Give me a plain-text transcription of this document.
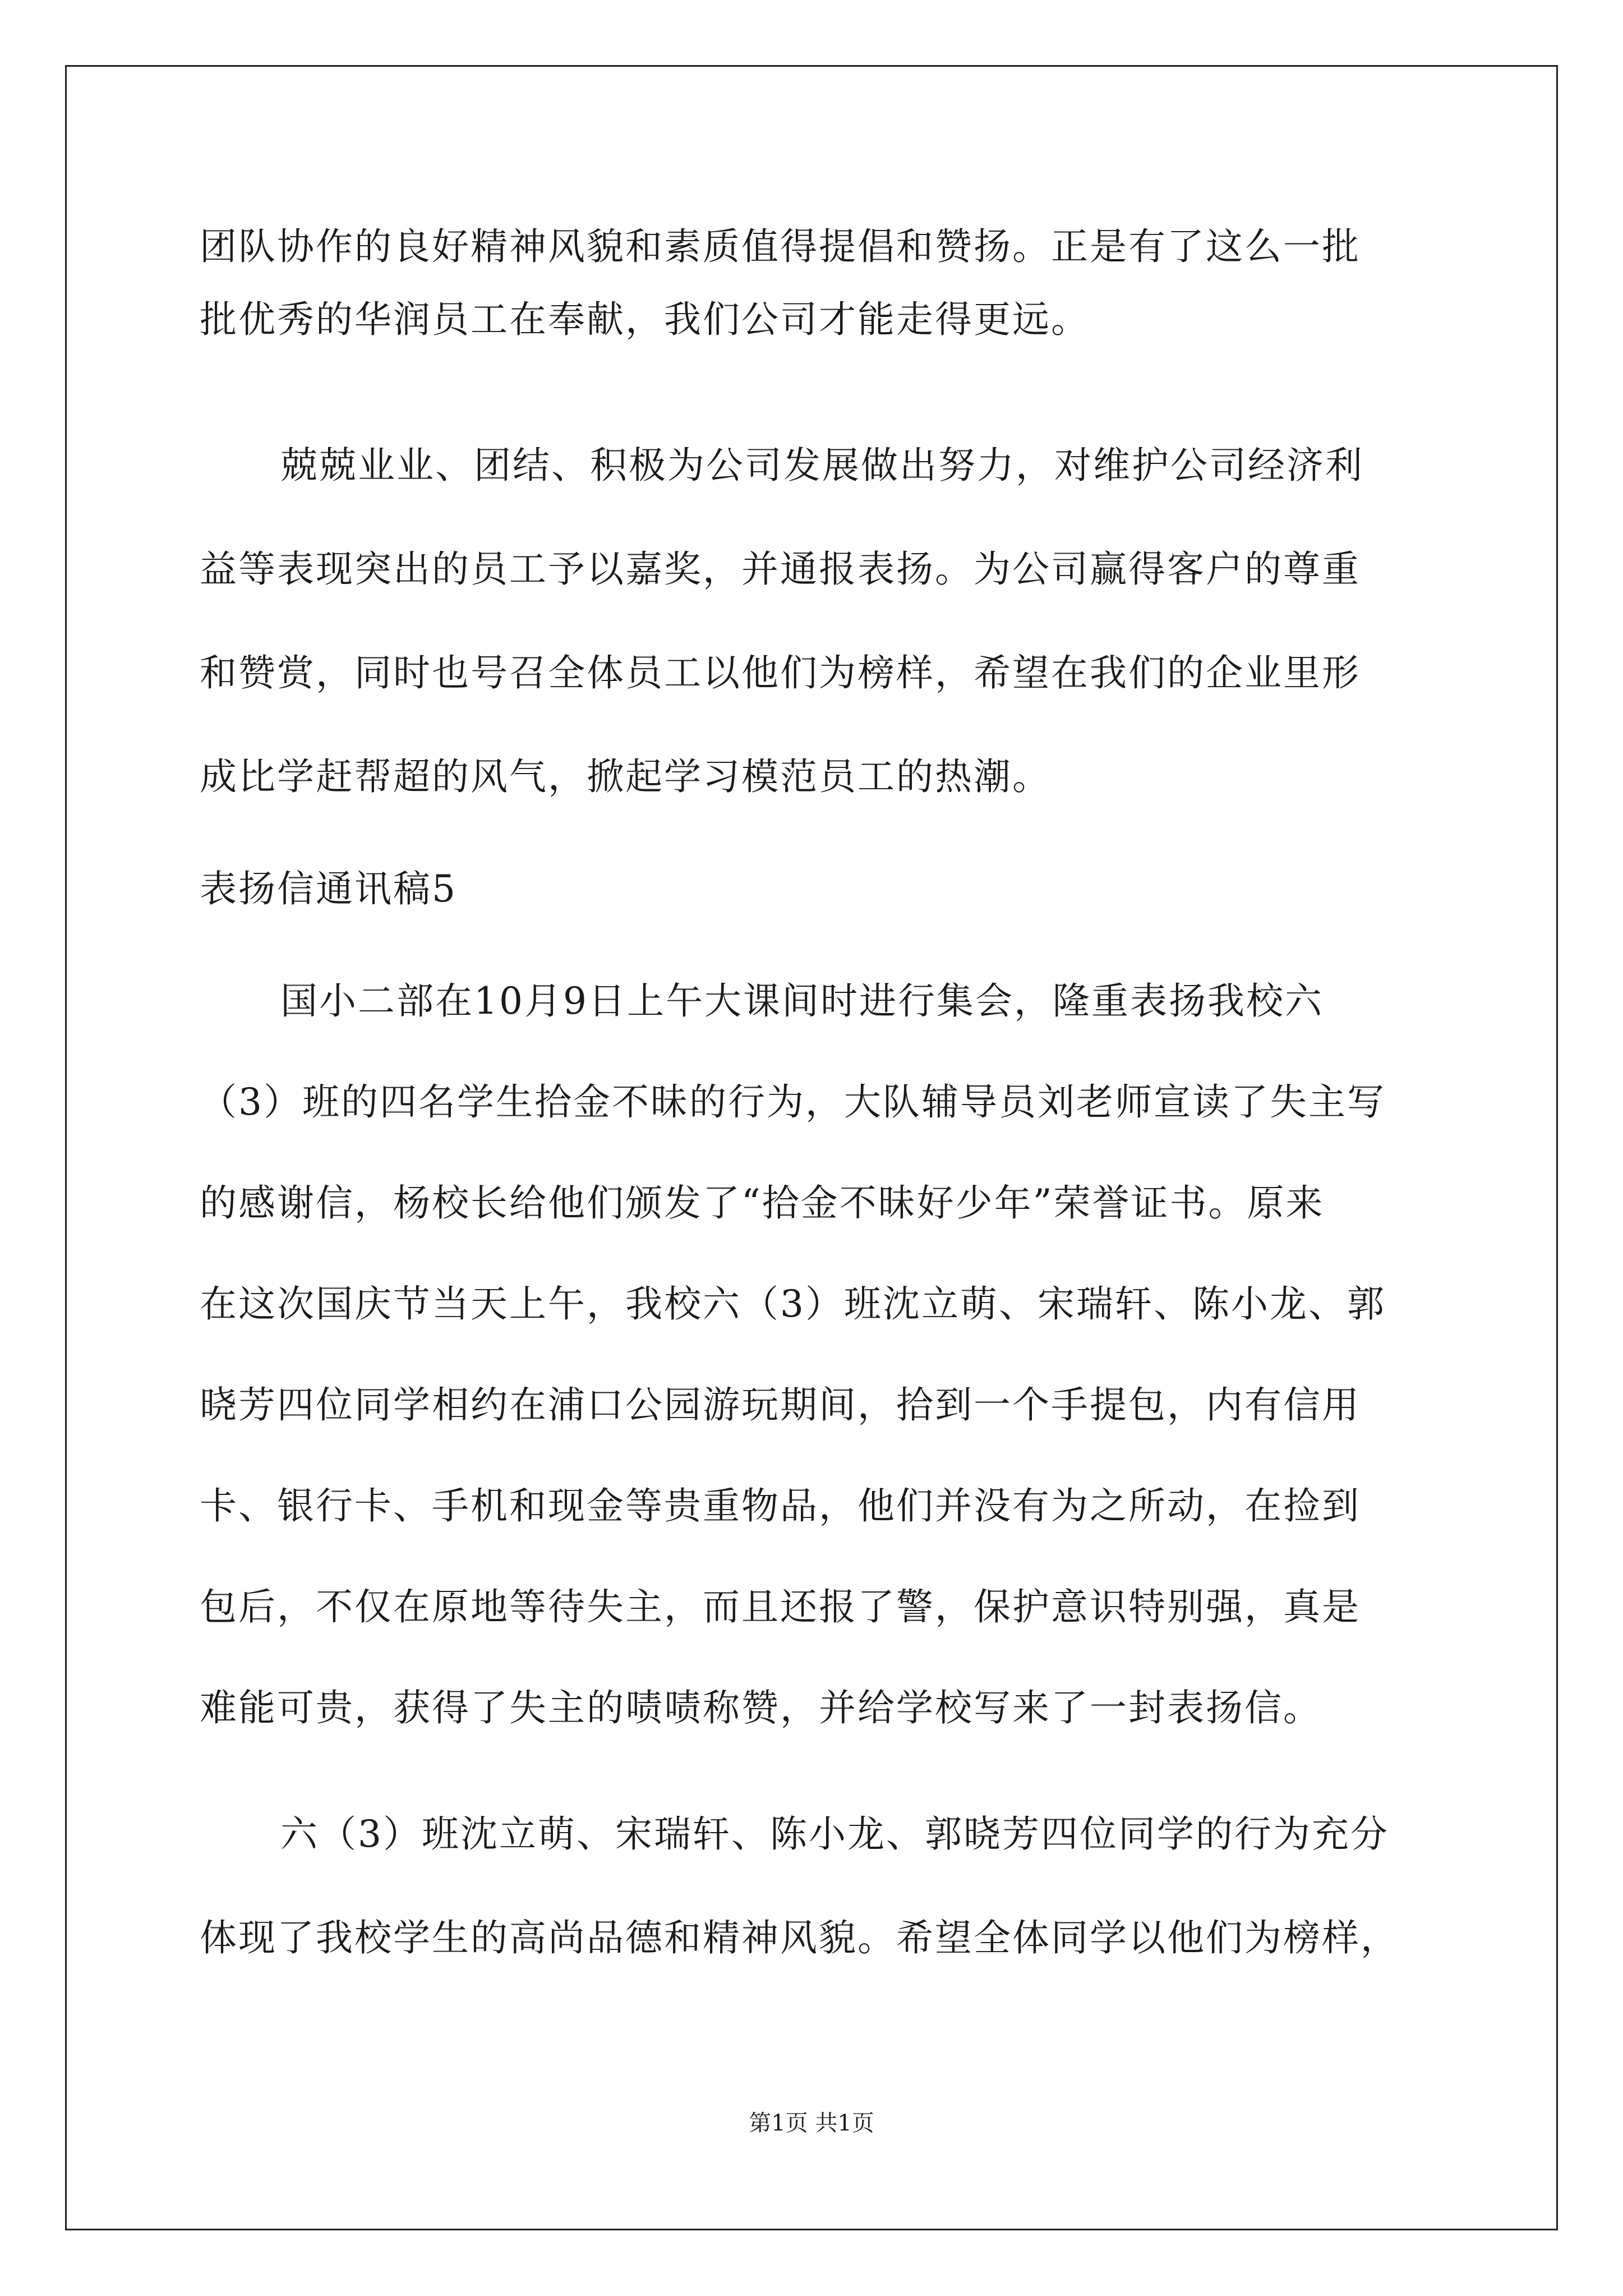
团队协作的良好精神风貌和素质值得提倡和赞扬。正是有了这么一批
批优秀的华润员工在奉献，我们公司才能走得更远。
兢兢业业、团结、积极为公司发展做出努力，对维护公司经济利
益等表现突出的员工予以嘉奖，并通报表扬。为公司赢得客户的尊重
和赞赏，同时也号召全体员工以他们为榜样，希望在我们的企业里形
成比学赶帮超的风气，掀起学习模范员工的热潮。
表扬信通讯稿5
国小二部在10月9日上午大课间时进行集会，隆重表扬我校六
（3）班的四名学生拾金不昧的行为，大队辅导员刘老师宣读了失主写
的感谢信，杨校长给他们颁发了“拾金不昧好少年”荣誉证书。原来
在这次国庆节当天上午，我校六（3）班沈立萌、宋瑞轩、陈小龙、郭
晓芳四位同学相约在浦口公园游玩期间，拾到一个手提包，内有信用
卡、银行卡、手机和现金等贵重物品，他们并没有为之所动，在捡到
包后，不仅在原地等待失主，而且还报了警，保护意识特别强，真是
难能可贵，获得了失主的啧啧称赞，并给学校写来了一封表扬信。
六（3）班沈立萌、宋瑞轩、陈小龙、郭晓芳四位同学的行为充分
体现了我校学生的高尚品德和精神风貌。希望全体同学以他们为榜样，
第1页 共1页
